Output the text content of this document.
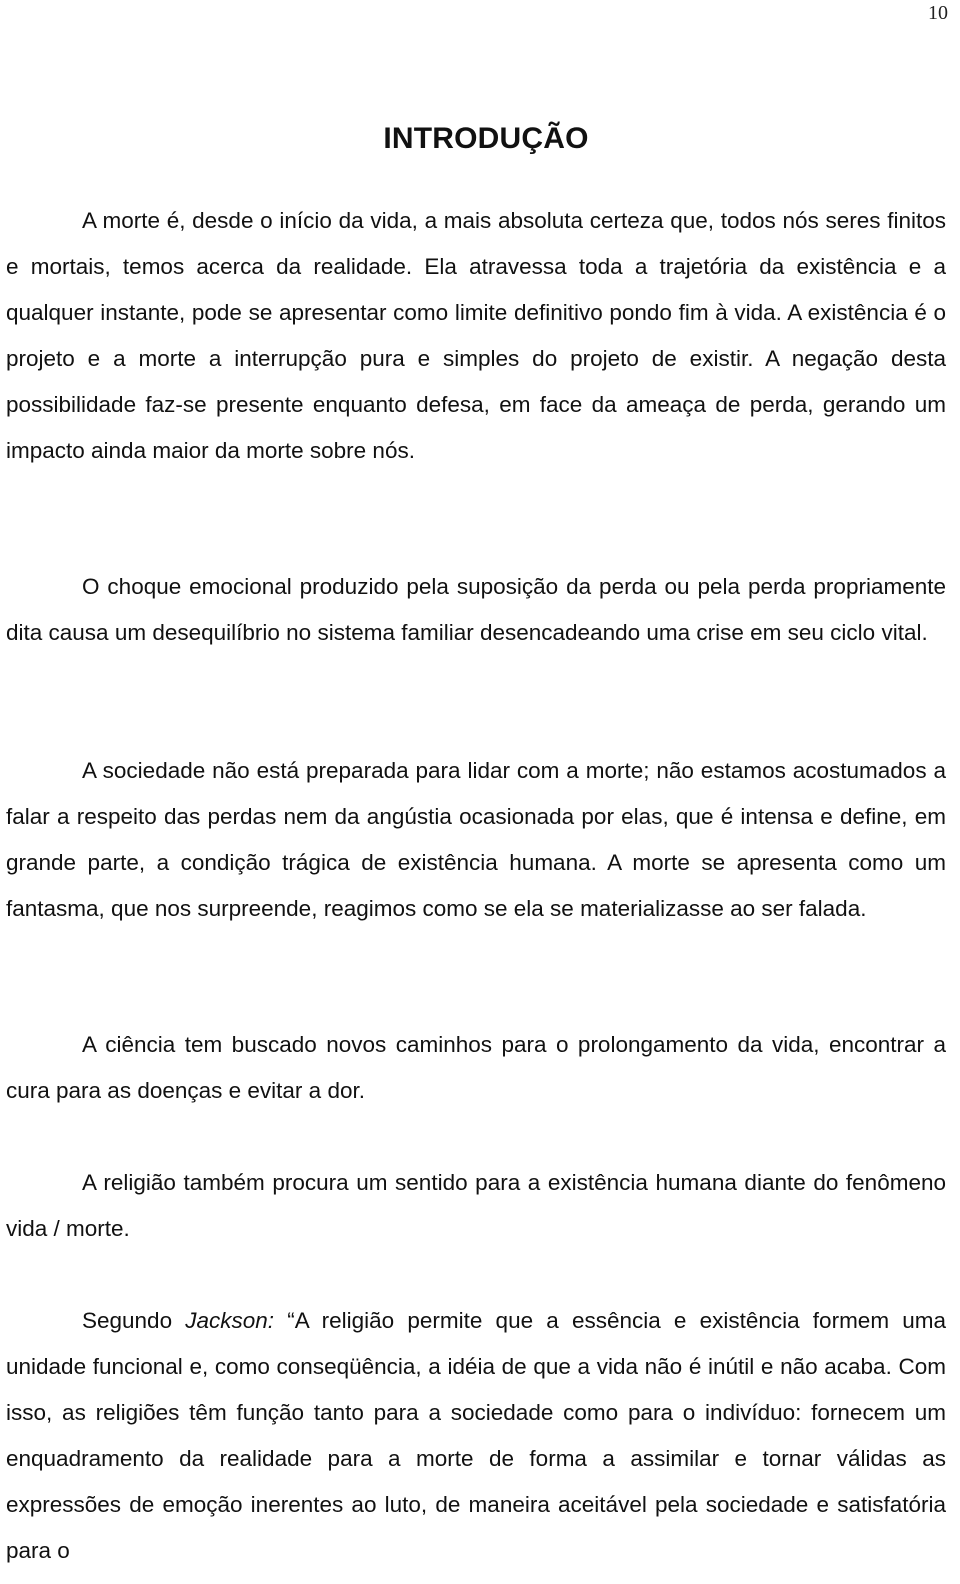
10
INTRODUÇÃO

A morte é, desde o início da vida, a mais absoluta certeza que, todos nós seres finitos e mortais, temos acerca da realidade. Ela atravessa toda a trajetória da existência e a qualquer instante, pode se apresentar como limite definitivo pondo fim à vida. A existência é o projeto e a morte a interrupção pura e simples do projeto de existir. A negação desta possibilidade faz-se presente enquanto defesa, em face da ameaça de perda, gerando um impacto ainda maior da morte sobre nós.

O choque emocional produzido pela suposição da perda ou pela perda propriamente dita causa um desequilíbrio no sistema familiar desencadeando uma crise em seu ciclo vital.

A sociedade não está preparada para lidar com a morte; não estamos acostumados a falar a respeito das perdas nem da angústia ocasionada por elas, que é intensa e define, em grande parte, a condição trágica de existência humana. A morte se apresenta como um fantasma, que nos surpreende, reagimos como se ela se materializasse ao ser falada.

A ciência tem buscado novos caminhos para o prolongamento da vida, encontrar a cura para as doenças e evitar a dor.

A religião também procura um sentido para a existência humana diante do fenômeno vida / morte.

Segundo Jackson: “A religião permite que a essência e existência formem uma unidade funcional e, como conseqüência, a idéia de que a vida não é inútil e não acaba. Com isso, as religiões têm função tanto para a sociedade como para o indivíduo: fornecem um enquadramento da realidade para a morte de forma a assimilar e tornar válidas as expressões de emoção inerentes ao luto, de maneira aceitável pela sociedade e satisfatória para o
